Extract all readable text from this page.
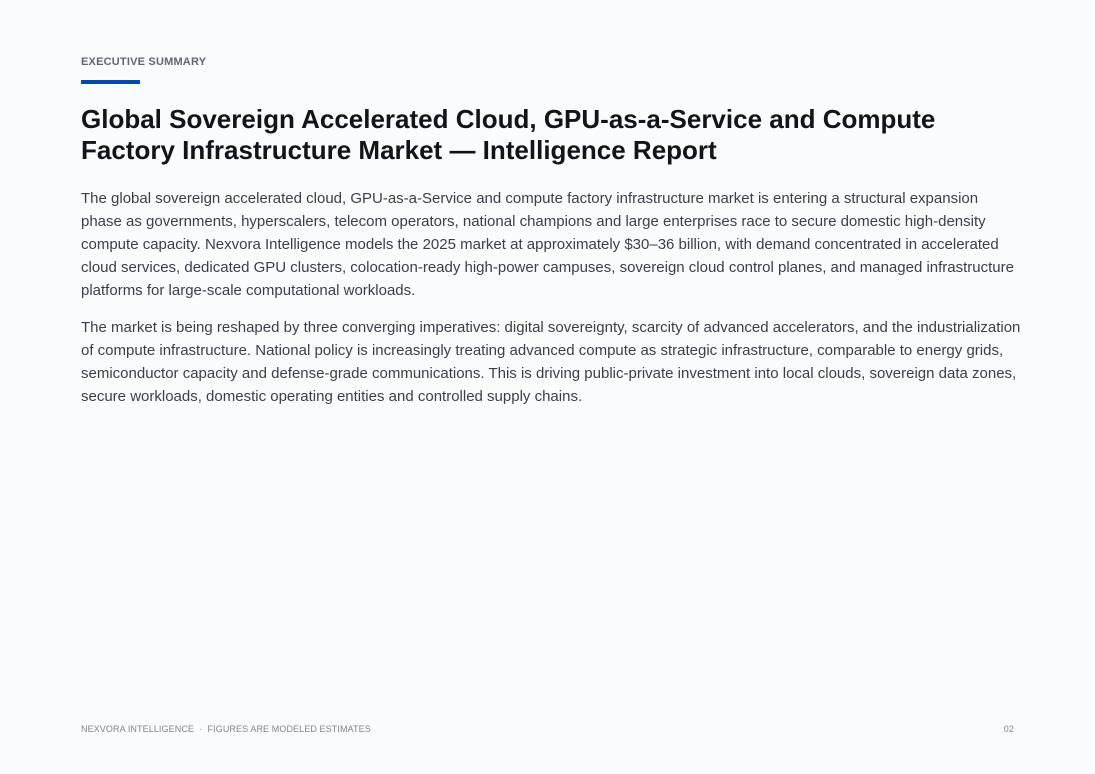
EXECUTIVE SUMMARY
Global Sovereign Accelerated Cloud, GPU-as-a-Service and Compute Factory Infrastructure Market — Intelligence Report

The global sovereign accelerated cloud, GPU-as-a-Service and compute factory infrastructure market is entering a structural expansion phase as governments, hyperscalers, telecom operators, national champions and large enterprises race to secure domestic high-density compute capacity. Nexvora Intelligence models the 2025 market at approximately $30–36 billion, with demand concentrated in accelerated cloud services, dedicated GPU clusters, colocation-ready high-power campuses, sovereign cloud control planes, and managed infrastructure platforms for large-scale computational workloads.

The market is being reshaped by three converging imperatives: digital sovereignty, scarcity of advanced accelerators, and the industrialization of compute infrastructure. National policy is increasingly treating advanced compute as strategic infrastructure, comparable to energy grids, semiconductor capacity and defense-grade communications. This is driving public-private investment into local clouds, sovereign data zones, secure workloads, domestic operating entities and controlled supply chains.

NEXVORA INTELLIGENCE  ·  FIGURES ARE MODELED ESTIMATES	02
